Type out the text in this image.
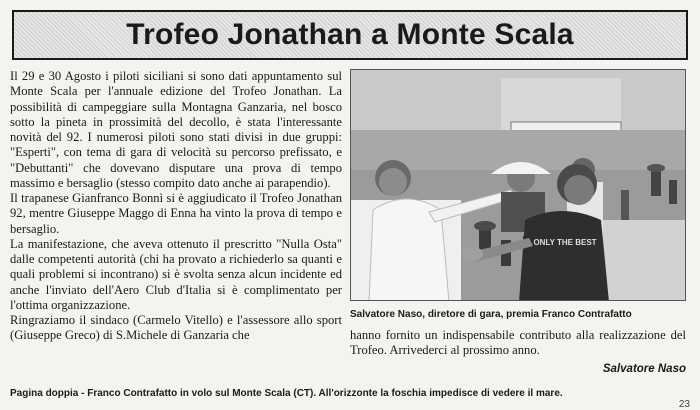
Trofeo Jonathan a Monte Scala

Il 29 e 30 Agosto i piloti siciliani si sono dati appuntamento sul Monte Scala per l'annuale edizione del Trofeo Jonathan. La possibilità di campeggiare sulla Montagna Ganzaria, nel bosco sotto la pineta in prossimità del decollo, è stata l'interessante novità del 92. I numerosi piloti sono stati divisi in due gruppi: "Esperti", con tema di gara di velocità su percorso prefissato, e "Debuttanti" che dovevano disputare una prova di tempo massimo e bersaglio (stesso compito dato anche ai parapendio).

Il trapanese Gianfranco Bonnì si è aggiudicato il Trofeo Jonathan 92, mentre Giuseppe Maggo di Enna ha vinto la prova di tempo e bersaglio.

La manifestazione, che aveva ottenuto il prescritto "Nulla Osta" dalle competenti autorità (chi ha provato a richiederlo sa quanti e quali problemi si incontrano) si è svolta senza alcun incidente ed anche l'inviato dell'Aero Club d'Italia si è complimentato per l'ottima organizzazione.

Ringraziamo il sindaco (Carmelo Vitello) e l'assessore allo sport (Giuseppe Greco) di S.Michele di Ganzaria che

ONLY THE BEST
Salvatore Naso, diretore di gara, premia Franco Contrafatto
hanno fornito un indispensabile contributo alla realizzazione del Trofeo. Arrivederci al prossimo anno.
Salvatore Naso
Pagina doppia - Franco Contrafatto in volo sul Monte Scala (CT). All'orizzonte la foschia impedisce di vedere il mare.
23
